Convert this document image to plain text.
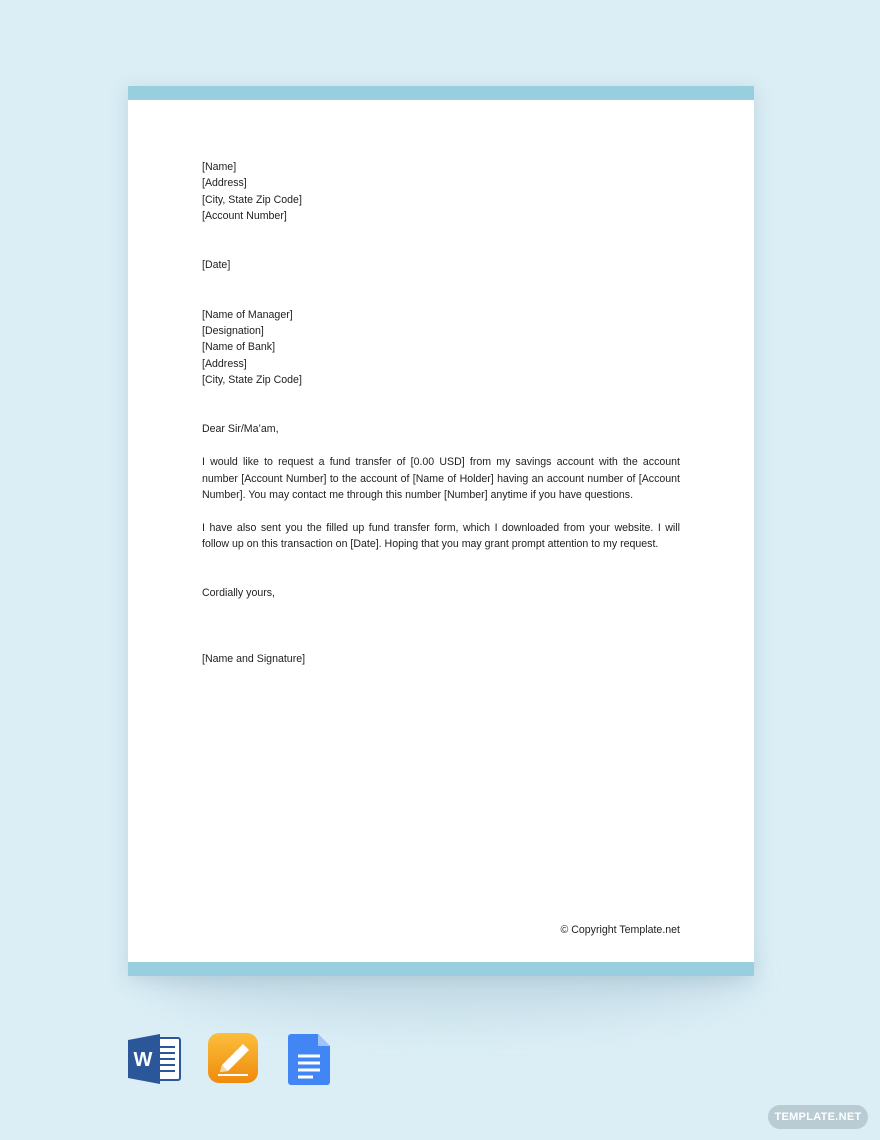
[Name]
[Address]
[City, State Zip Code]
[Account Number]
[Date]
[Name of Manager]
[Designation]
[Name of Bank]
[Address]
[City, State Zip Code]
Dear Sir/Ma’am,

I would like to request a fund transfer of [0.00 USD] from my savings account with the account number [Account Number] to the account of [Name of Holder] having an account number of [Account Number]. You may contact me through this number [Number] anytime if you have questions.

I have also sent you the filled up fund transfer form, which I downloaded from your website. I will follow up on this transaction on [Date]. Hoping that you may grant prompt attention to my request.

Cordially yours,
[Name and Signature]
© Copyright Template.net
W
TEMPLATE.NET
